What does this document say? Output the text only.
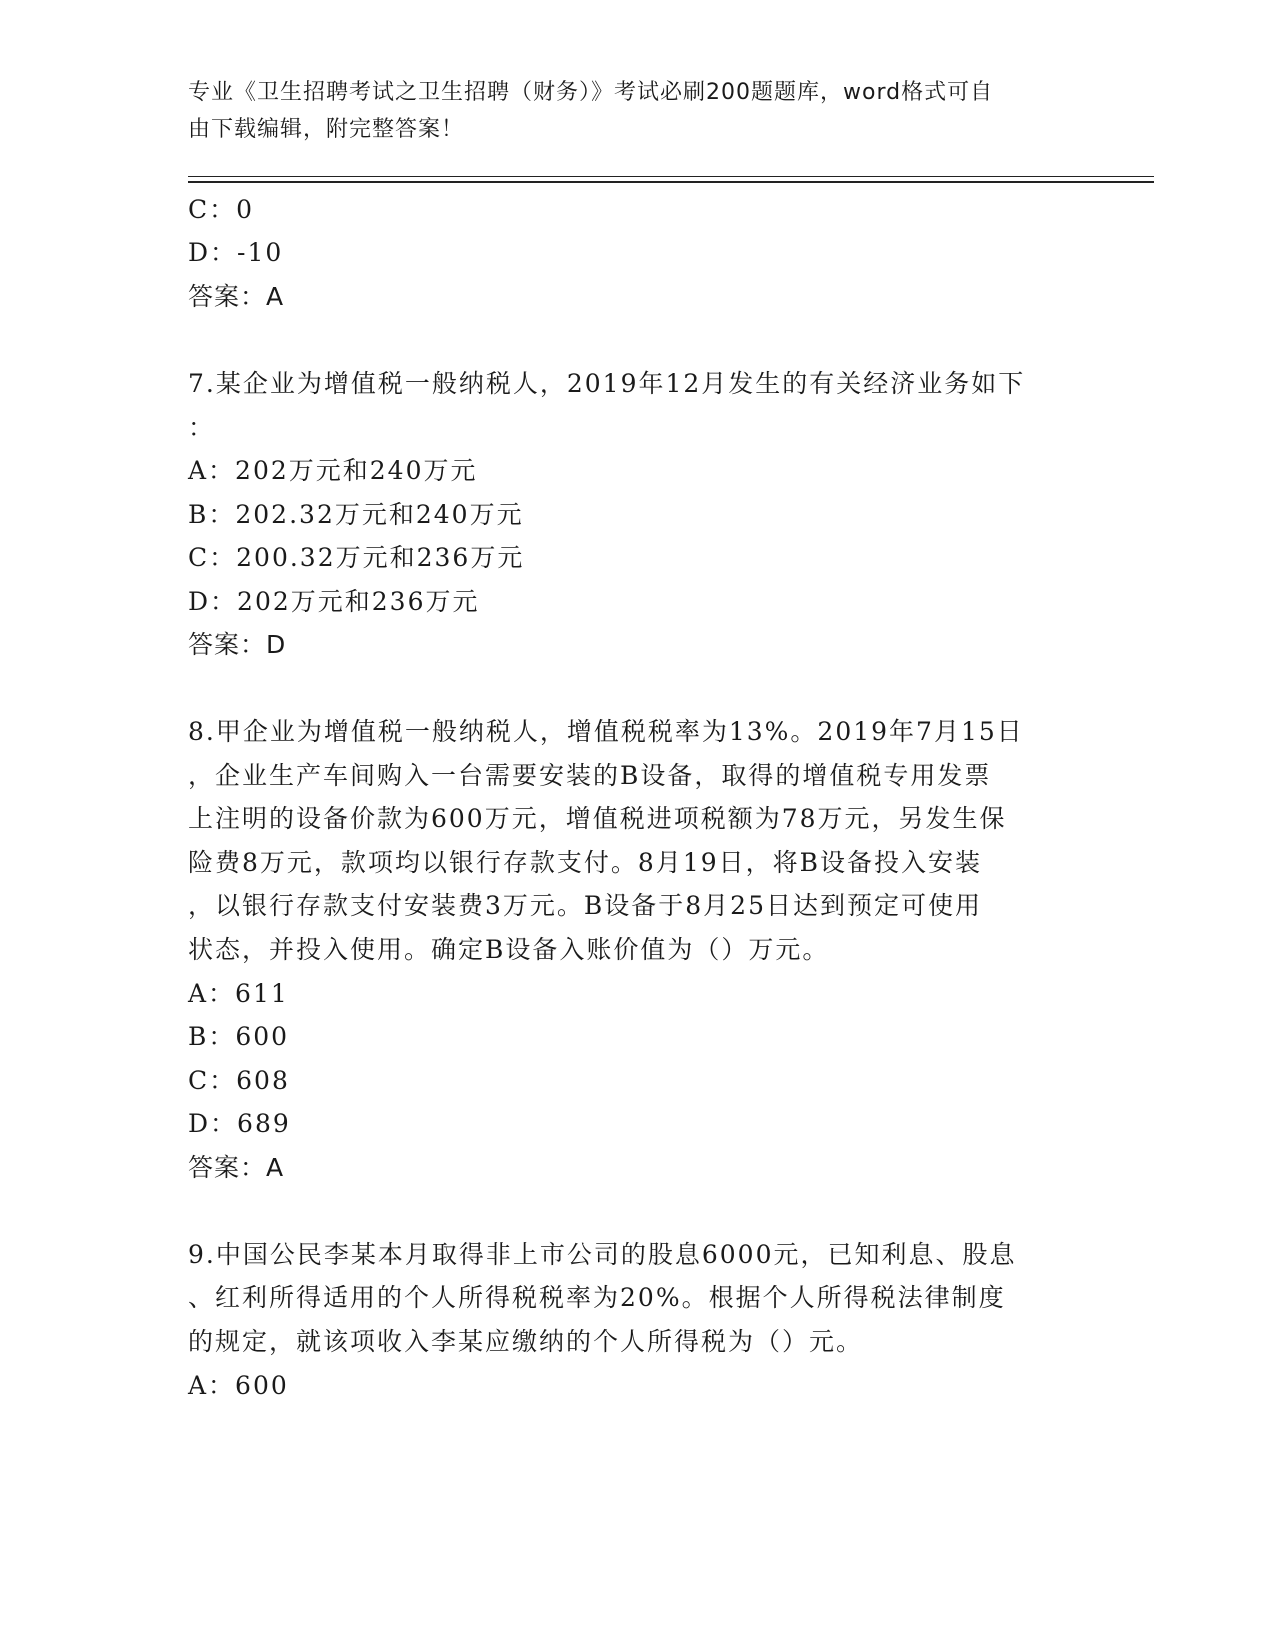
专业《卫生招聘考试之卫生招聘（财务）》考试必刷200题题库，word格式可自
由下载编辑，附完整答案！
C：0
D：-10
答案：A
7.某企业为增值税一般纳税人，2019年12月发生的有关经济业务如下
：
A：202万元和240万元
B：202.32万元和240万元
C：200.32万元和236万元
D：202万元和236万元
答案：D
8.甲企业为增值税一般纳税人，增值税税率为13%。2019年7月15日
，企业生产车间购入一台需要安装的B设备，取得的增值税专用发票
上注明的设备价款为600万元，增值税进项税额为78万元，另发生保
险费8万元，款项均以银行存款支付。8月19日，将B设备投入安装
，以银行存款支付安装费3万元。B设备于8月25日达到预定可使用
状态，并投入使用。确定B设备入账价值为（）万元。
A：611
B：600
C：608
D：689
答案：A
9.中国公民李某本月取得非上市公司的股息6000元，已知利息、股息
、红利所得适用的个人所得税税率为20%。根据个人所得税法律制度
的规定，就该项收入李某应缴纳的个人所得税为（）元。
A：600
